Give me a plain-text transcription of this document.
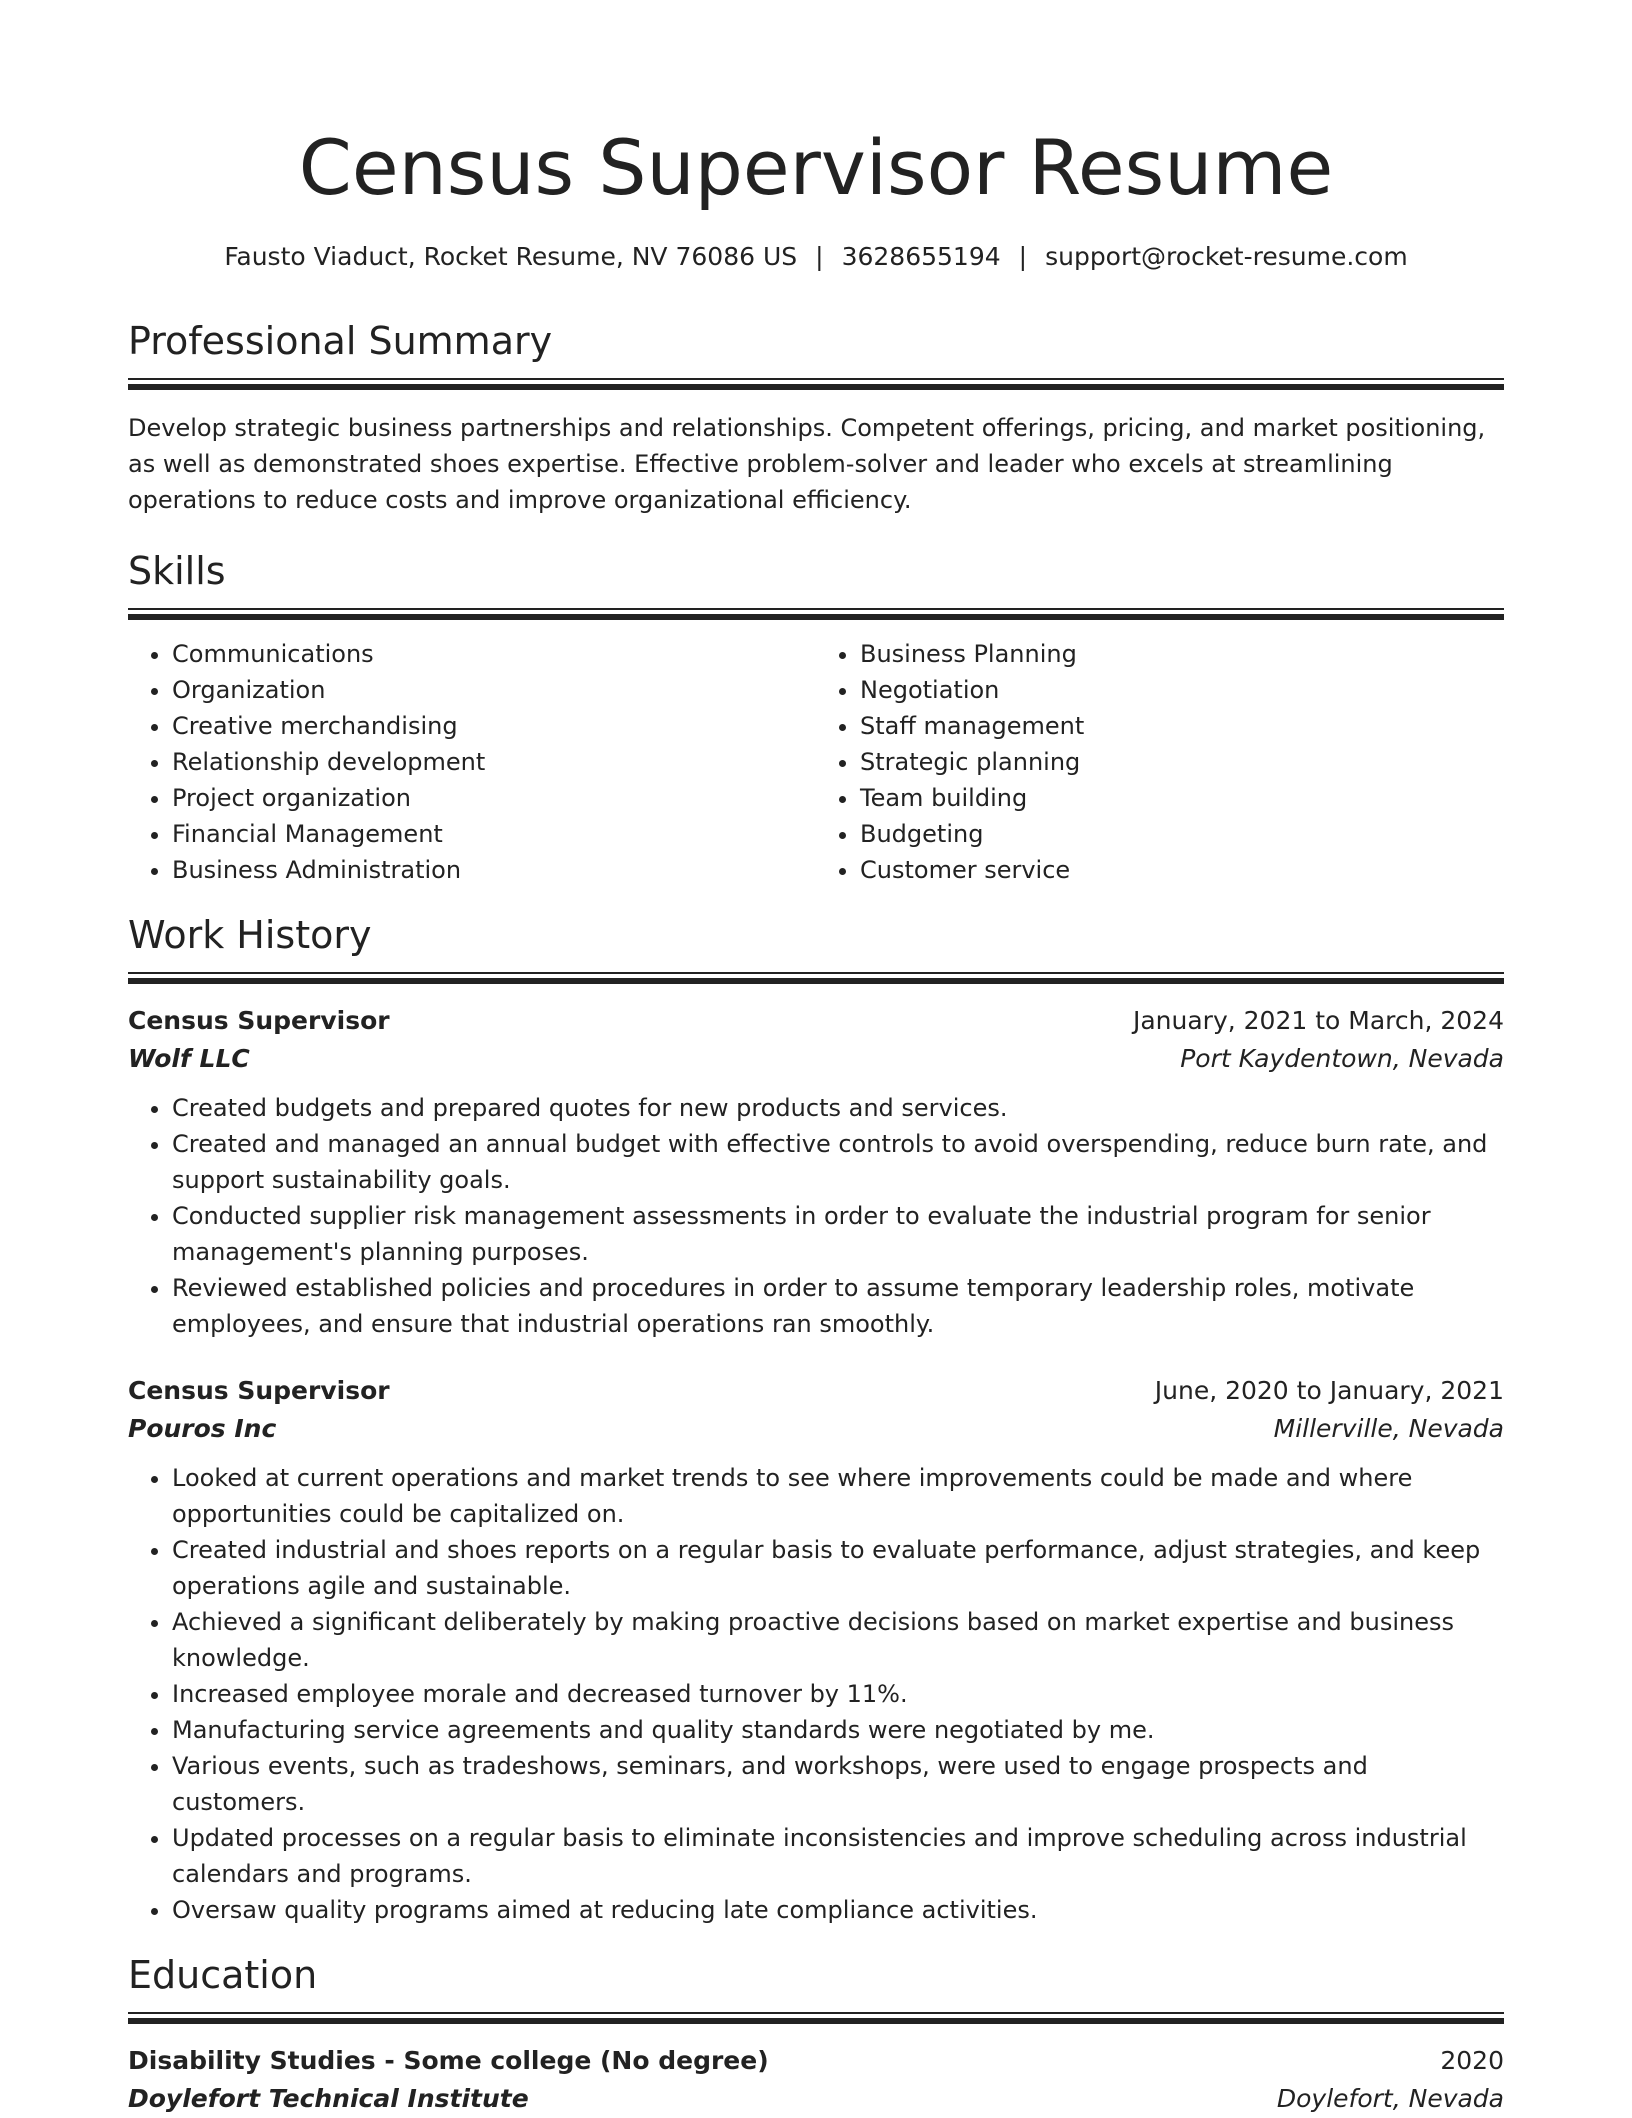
Census Supervisor Resume
Fausto Viaduct, Rocket Resume, NV 76086 US | 3628655194 | support@rocket-resume.com
Professional Summary

Develop strategic business partnerships and relationships. Competent offerings, pricing, and market positioning, as well as demonstrated shoes expertise. Effective problem-solver and leader who excels at streamlining operations to reduce costs and improve organizational efficiency.

Skills
• Communications
• Organization
• Creative merchandising
• Relationship development
• Project organization
• Financial Management
• Business Administration
• Business Planning
• Negotiation
• Staff management
• Strategic planning
• Team building
• Budgeting
• Customer service
Work History
Census Supervisor	January, 2021 to March, 2024
Wolf LLC	Port Kaydentown, Nevada
• Created budgets and prepared quotes for new products and services.
• Created and managed an annual budget with effective controls to avoid overspending, reduce burn rate, and support sustainability goals.
• Conducted supplier risk management assessments in order to evaluate the industrial program for senior management's planning purposes.
• Reviewed established policies and procedures in order to assume temporary leadership roles, motivate employees, and ensure that industrial operations ran smoothly.
Census Supervisor	June, 2020 to January, 2021
Pouros Inc	Millerville, Nevada
• Looked at current operations and market trends to see where improvements could be made and where opportunities could be capitalized on.
• Created industrial and shoes reports on a regular basis to evaluate performance, adjust strategies, and keep operations agile and sustainable.
• Achieved a significant deliberately by making proactive decisions based on market expertise and business knowledge.
• Increased employee morale and decreased turnover by 11%.
• Manufacturing service agreements and quality standards were negotiated by me.
• Various events, such as tradeshows, seminars, and workshops, were used to engage prospects and customers.
• Updated processes on a regular basis to eliminate inconsistencies and improve scheduling across industrial calendars and programs.
• Oversaw quality programs aimed at reducing late compliance activities.
Education
Disability Studies - Some college (No degree)	2020
Doylefort Technical Institute	Doylefort, Nevada
